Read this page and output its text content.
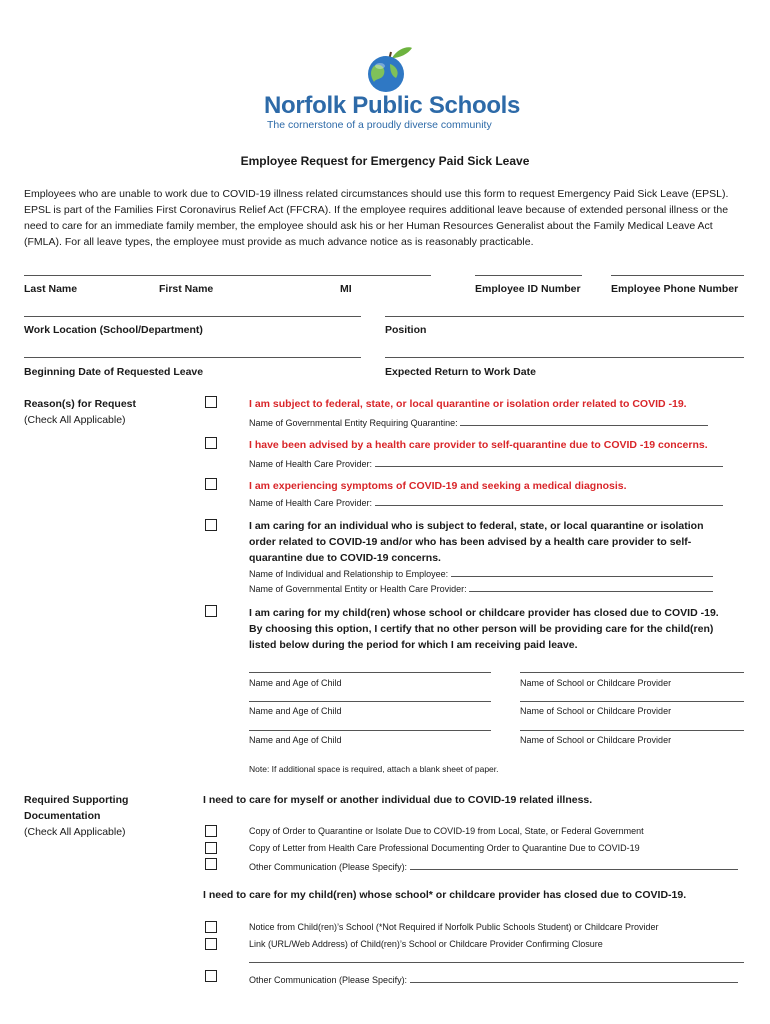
Norfolk Public Schools
The cornerstone of a proudly diverse community
Employee Request for Emergency Paid Sick Leave
Employees who are unable to work due to COVID-19 illness related circumstances should use this form to request Emergency Paid Sick Leave (EPSL). EPSL is part of the Families First Coronavirus Relief Act (FFCRA). If the employee requires additional leave because of extended personal illness or the need to care for an immediate family member, the employee should ask his or her Human Resources Generalist about the Family Medical Leave Act (FMLA). For all leave types, the employee must provide as much advance notice as is reasonably practicable.
Last Name	First Name	MI	Employee ID Number	Employee Phone Number
Work Location (School/Department)	Position
Beginning Date of Requested Leave	Expected Return to Work Date
Reason(s) for Request
(Check All Applicable)
I am subject to federal, state, or local quarantine or isolation order related to COVID -19.
Name of Governmental Entity Requiring Quarantine:
I have been advised by a health care provider to self-quarantine due to COVID -19 concerns.
Name of Health Care Provider:
I am experiencing symptoms of COVID-19 and seeking a medical diagnosis.
Name of Health Care Provider:
I am caring for an individual who is subject to federal, state, or local quarantine or isolation
order related to COVID-19 and/or who has been advised by a health care provider to self-
quarantine due to COVID-19 concerns.
Name of Individual and Relationship to Employee:
Name of Governmental Entity or Health Care Provider:
I am caring for my child(ren) whose school or childcare provider has closed due to COVID -19.
By choosing this option, I certify that no other person will be providing care for the child(ren)
listed below during the period for which I am receiving paid leave.
Name and Age of Child	Name of School or Childcare Provider
Name and Age of Child	Name of School or Childcare Provider
Name and Age of Child	Name of School or Childcare Provider
Note: If additional space is required, attach a blank sheet of paper.
Required Supporting
Documentation
(Check All Applicable)
I need to care for myself or another individual due to COVID-19 related illness.
Copy of Order to Quarantine or Isolate Due to COVID-19 from Local, State, or Federal Government
Copy of Letter from Health Care Professional Documenting Order to Quarantine Due to COVID-19
Other Communication (Please Specify):
I need to care for my child(ren) whose school* or childcare provider has closed due to COVID-19.
Notice from Child(ren)’s School (*Not Required if Norfolk Public Schools Student) or Childcare Provider
Link (URL/Web Address) of Child(ren)’s School or Childcare Provider Confirming Closure
Other Communication (Please Specify):
